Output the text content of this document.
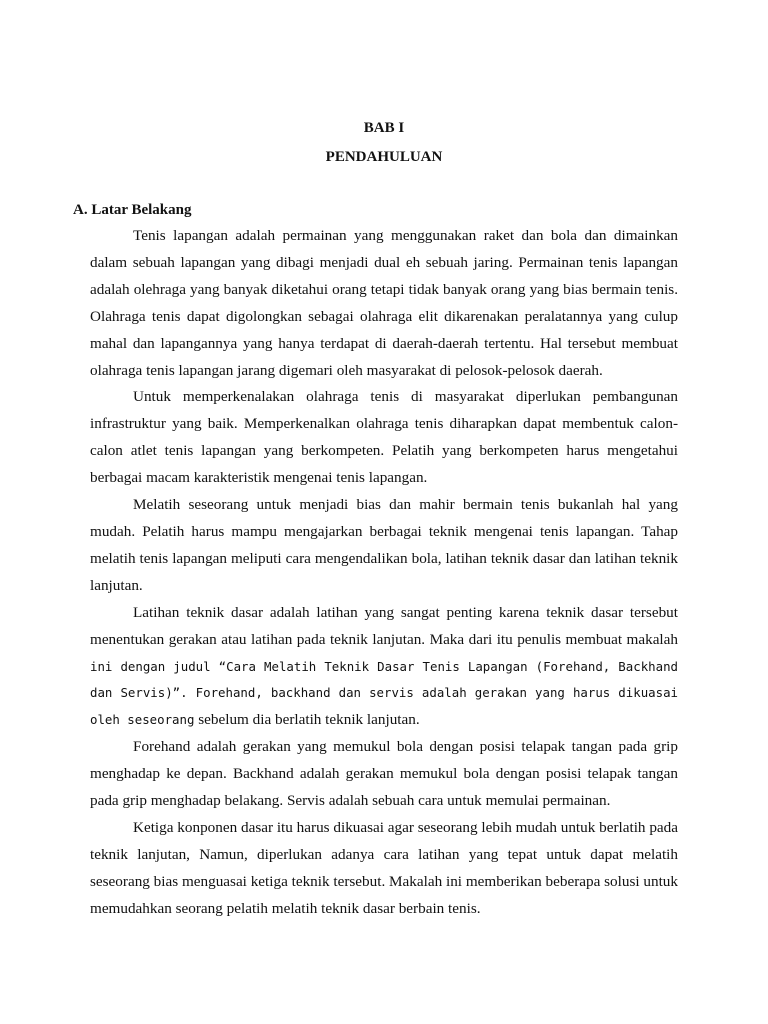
BAB I
PENDAHULUAN
A. Latar Belakang

Tenis lapangan adalah permainan yang menggunakan raket dan bola dan dimainkan dalam sebuah lapangan yang dibagi menjadi dual eh sebuah jaring. Permainan tenis lapangan adalah olehraga yang banyak diketahui orang tetapi tidak banyak orang yang bias bermain tenis. Olahraga tenis dapat digolongkan sebagai olahraga elit dikarenakan peralatannya yang culup mahal dan lapangannya yang hanya terdapat di daerah-daerah tertentu. Hal tersebut membuat olahraga tenis lapangan jarang digemari oleh masyarakat di pelosok-pelosok daerah.

Untuk memperkenalakan olahraga tenis di masyarakat diperlukan pembangunan infrastruktur yang baik. Memperkenalkan olahraga tenis diharapkan dapat membentuk calon-calon atlet tenis lapangan yang berkompeten. Pelatih yang berkompeten harus mengetahui berbagai macam karakteristik mengenai tenis lapangan.

Melatih seseorang untuk menjadi bias dan mahir bermain tenis bukanlah hal yang mudah. Pelatih harus mampu mengajarkan berbagai teknik mengenai tenis lapangan. Tahap melatih tenis lapangan meliputi cara mengendalikan bola, latihan teknik dasar dan latihan teknik lanjutan.

Latihan teknik dasar adalah latihan yang sangat penting karena teknik dasar tersebut menentukan gerakan atau latihan pada teknik lanjutan. Maka dari itu penulis membuat makalah ini dengan judul “Cara Melatih Teknik Dasar Tenis Lapangan (Forehand, Backhand dan Servis)”. Forehand, backhand dan servis adalah gerakan yang harus dikuasai oleh seseorang sebelum dia berlatih teknik lanjutan.

Forehand adalah gerakan yang memukul bola dengan posisi telapak tangan pada grip menghadap ke depan. Backhand adalah gerakan memukul bola dengan posisi telapak tangan pada grip menghadap belakang. Servis adalah sebuah cara untuk memulai permainan.

Ketiga konponen dasar itu harus dikuasai agar seseorang lebih mudah untuk berlatih pada teknik lanjutan, Namun, diperlukan adanya cara latihan yang tepat untuk dapat melatih seseorang bias menguasai ketiga teknik tersebut. Makalah ini memberikan beberapa solusi untuk memudahkan seorang pelatih melatih teknik dasar berbain tenis.
